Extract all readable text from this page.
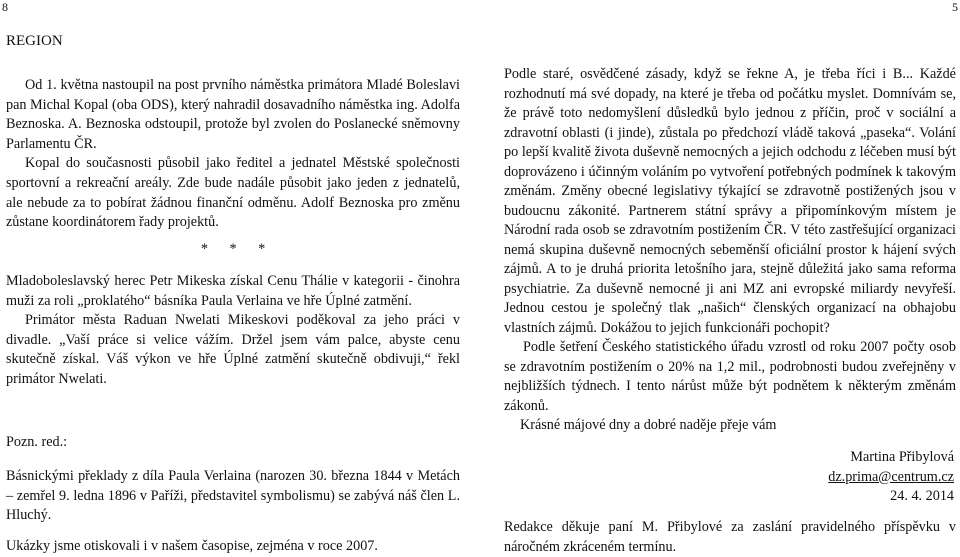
8	5
REGION

Od 1. května nastoupil na post prvního náměstka primátora Mladé Boleslavi pan Michal Kopal (oba ODS), který nahradil dosavadního náměstka ing. Adolfa Beznoska. A. Beznoska odstoupil, protože byl zvolen do Poslanecké sněmovny Parlamentu ČR.

Kopal do současnosti působil jako ředitel a jednatel Městské společnosti sportovní a rekreační areály. Zde bude nadále působit jako jeden z jednatelů, ale nebude za to pobírat žádnou finanční odměnu. Adolf Beznoska pro změnu zůstane koordinátorem řady projektů.

* * *

Mladoboleslavský herec Petr Mikeska získal Cenu Thálie v kategorii - činohra muži za roli „proklatého“ básníka Paula Verlaina ve hře Úplné zatmění.

Primátor města Raduan Nwelati Mikeskovi poděkoval za jeho práci v divadle. „Vaší práce si velice vážím. Držel jsem vám palce, abyste cenu skutečně získal. Váš výkon ve hře Úplné zatmění skutečně obdivuji,“ řekl primátor Nwelati.

Pozn. red.:

Básnickými překlady z díla Paula Verlaina (narozen 30. března 1844 v Metách – zemřel 9. ledna 1896 v Paříži, představitel symbolismu) se zabývá náš člen L. Hluchý.

Ukázky jsme otiskovali i v našem časopise, zejména v roce 2007.

Podle staré, osvědčené zásady, když se řekne A, je třeba říci i B... Každé rozhodnutí má své dopady, na které je třeba od počátku myslet. Domnívám se, že právě toto nedomyšlení důsledků bylo jednou z příčin, proč v sociální a zdravotní oblasti (i jinde), zůstala po předchozí vládě taková „paseka“. Volání po lepší kvalitě života duševně nemocných a jejich odchodu z léčeben musí být doprovázeno i účinným voláním po vytvoření potřebných podmínek k takovým změnám. Změny obecné legislativy týkající se zdravotně postižených jsou v budoucnu zákonité. Partnerem státní správy a připomínkovým místem je Národní rada osob se zdravotním postižením ČR. V této zastřešující organizaci nemá skupina duševně nemocných sebeměnší oficiální prostor k hájení svých zájmů. A to je druhá priorita letošního jara, stejně důležitá jako sama reforma psychiatrie. Za duševně nemocné ji ani MZ ani evropské miliardy nevyřeší. Jednou cestou je společný tlak „našich“ členských organizací na obhajobu vlastních zájmů. Dokážou to jejich funkcionáři pochopit?

Podle šetření Českého statistického úřadu vzrostl od roku 2007 počty osob se zdravotním postižením o 20% na 1,2 mil., podrobnosti budou zveřejněny v nejbližších týdnech. I tento nárůst může být podnětem k některým změnám zákonů.

Krásné májové dny a dobré naděje přeje vám
Martina Přibylová
dz.prima@centrum.cz
24. 4. 2014

Redakce děkuje paní M. Přibylové za zaslání pravidelného příspěvku v náročném zkráceném termínu.
